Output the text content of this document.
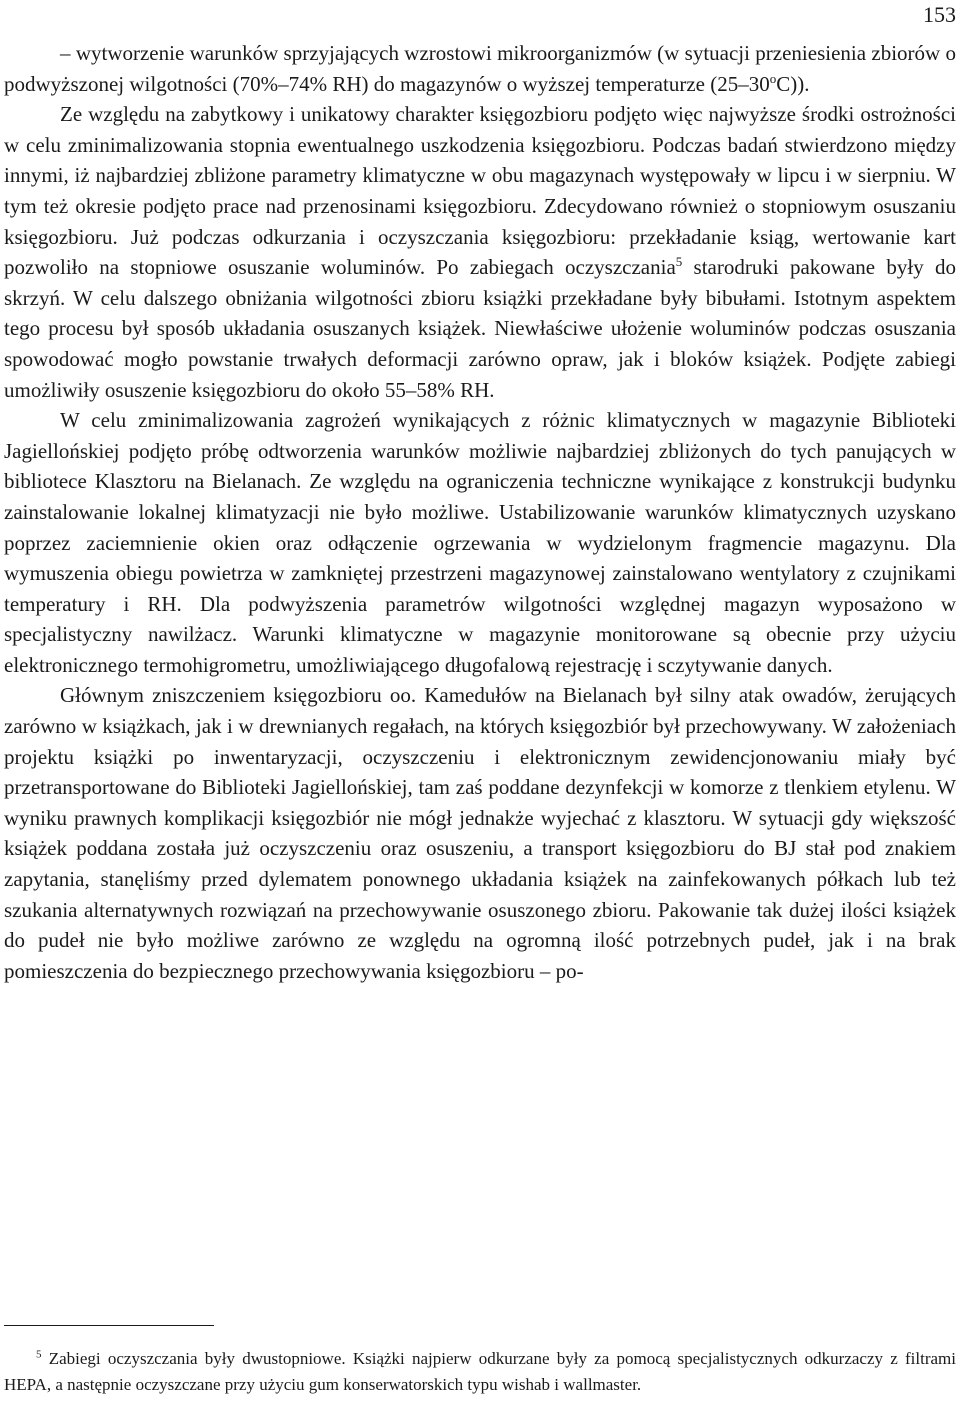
153

– wytworzenie warunków sprzyjających wzrostowi mikroorganizmów (w sytuacji przeniesienia zbiorów o podwyższonej wilgotności (70%–74% RH) do magazynów o wyższej temperaturze (25–30$^o$C)).

Ze względu na zabytkowy i unikatowy charakter księgozbioru podjęto więc najwyższe środki ostrożności w celu zminimalizowania stopnia ewentualnego uszkodzenia księgozbioru. Podczas badań stwierdzono między innymi, iż najbardziej zbliżone parametry klimatyczne w obu magazynach występowały w lipcu i w sierpniu. W tym też okresie podjęto prace nad przenosinami księgozbioru. Zdecydowano również o stopniowym osuszaniu księgozbioru. Już podczas odkurzania i oczyszczania księgozbioru: przekładanie ksiąg, wertowanie kart pozwoliło na stopniowe osuszanie woluminów. Po zabiegach oczyszczania$^5$ starodruki pakowane były do skrzyń. W celu dalszego obniżania wilgotności zbioru książki przekładane były bibułami. Istotnym aspektem tego procesu był sposób układania osuszanych książek. Niewłaściwe ułożenie woluminów podczas osuszania spowodować mogło powstanie trwałych deformacji zarówno opraw, jak i bloków książek. Podjęte zabiegi umożliwiły osuszenie księgozbioru do około 55–58% RH.

W celu zminimalizowania zagrożeń wynikających z różnic klimatycznych w magazynie Biblioteki Jagiellońskiej podjęto próbę odtworzenia warunków możliwie najbardziej zbliżonych do tych panujących w bibliotece Klasztoru na Bielanach. Ze względu na ograniczenia techniczne wynikające z konstrukcji budynku zainstalowanie lokalnej klimatyzacji nie było możliwe. Ustabilizowanie warunków klimatycznych uzyskano poprzez zaciemnienie okien oraz odłączenie ogrzewania w wydzielonym fragmencie magazynu. Dla wymuszenia obiegu powietrza w zamkniętej przestrzeni magazynowej zainstalowano wentylatory z czujnikami temperatury i RH. Dla podwyższenia parametrów wilgotności względnej magazyn wyposażono w specjalistyczny nawilżacz. Warunki klimatyczne w magazynie monitorowane są obecnie przy użyciu elektronicznego termohigrometru, umożliwiającego długofalową rejestrację i sczytywanie danych.

Głównym zniszczeniem księgozbioru oo. Kamedułów na Bielanach był silny atak owadów, żerujących zarówno w książkach, jak i w drewnianych regałach, na których księgozbiór był przechowywany. W założeniach projektu książki po inwentaryzacji, oczyszczeniu i elektronicznym zewidencjonowaniu miały być przetransportowane do Biblioteki Jagiellońskiej, tam zaś poddane dezynfekcji w komorze z tlenkiem etylenu. W wyniku prawnych komplikacji księgozbiór nie mógł jednakże wyjechać z klasztoru. W sytuacji gdy większość książek poddana została już oczyszczeniu oraz osuszeniu, a transport księgozbioru do BJ stał pod znakiem zapytania, stanęliśmy przed dylematem ponownego układania książek na zainfekowanych półkach lub też szukania alternatywnych rozwiązań na przechowywanie osuszonego zbioru. Pakowanie tak dużej ilości książek do pudeł nie było możliwe zarówno ze względu na ogromną ilość potrzebnych pudeł, jak i na brak pomieszczenia do bezpiecznego przechowywania księgozbioru – po-

$^5$ Zabiegi oczyszczania były dwustopniowe. Książki najpierw odkurzane były za pomocą specjalistycznych odkurzaczy z filtrami HEPA, a następnie oczyszczane przy użyciu gum konserwatorskich typu wishab i wallmaster.
